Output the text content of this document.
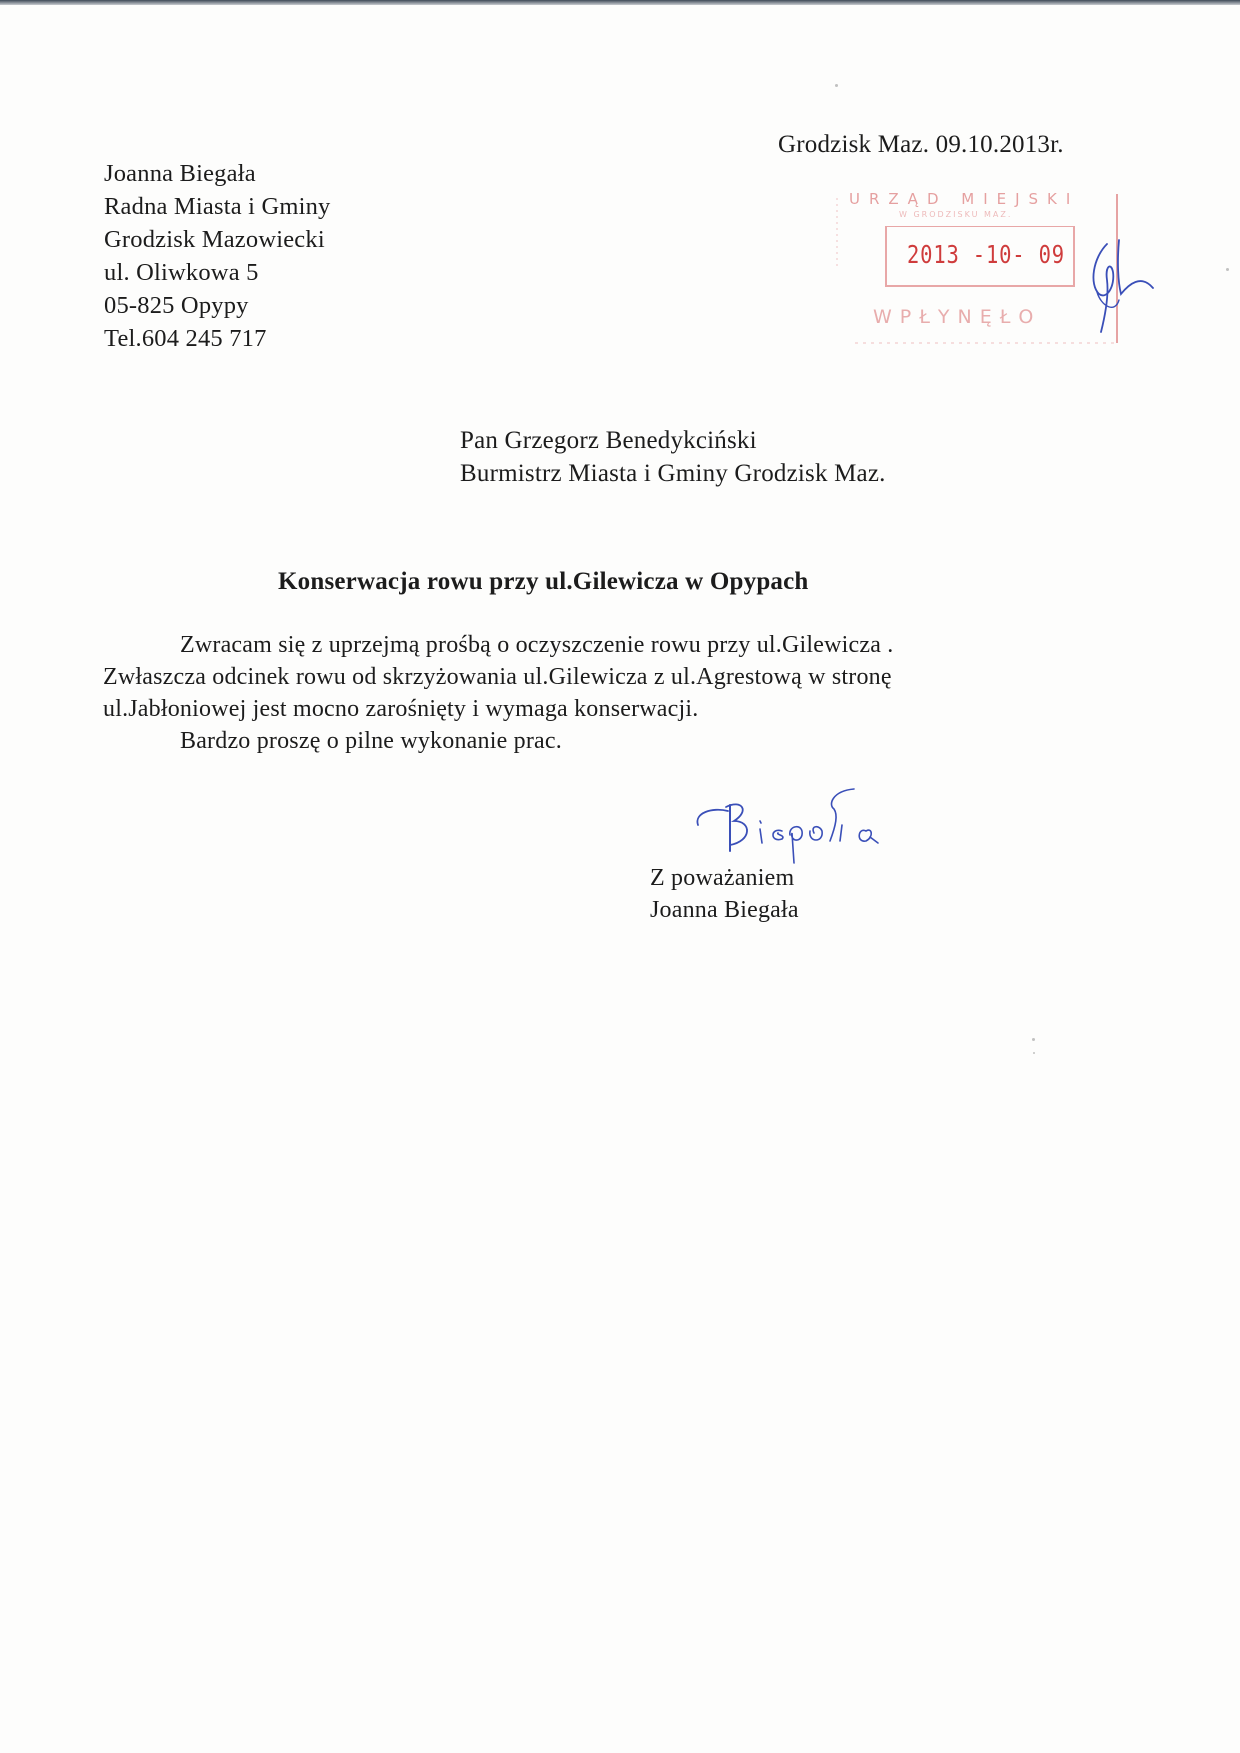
Grodzisk Maz. 09.10.2013r.
Joanna Biegała
Radna Miasta i Gminy
Grodzisk Mazowiecki
ul. Oliwkowa 5
05-825 Opypy
Tel.604 245 717
URZĄD MIEJSKI
W GRODZISKU MAZ.
2013 -10- 09
WPŁYNĘŁO
Pan Grzegorz Benedykciński
Burmistrz Miasta i Gminy Grodzisk Maz.
Konserwacja rowu przy ul.Gilewicza w Opypach
Zwracam się z uprzejmą prośbą o oczyszczenie rowu przy ul.Gilewicza .
Zwłaszcza odcinek rowu od skrzyżowania ul.Gilewicza z ul.Agrestową w stronę
ul.Jabłoniowej jest mocno zarośnięty i wymaga konserwacji.
Bardzo proszę o pilne wykonanie prac.
Z poważaniem
Joanna Biegała
